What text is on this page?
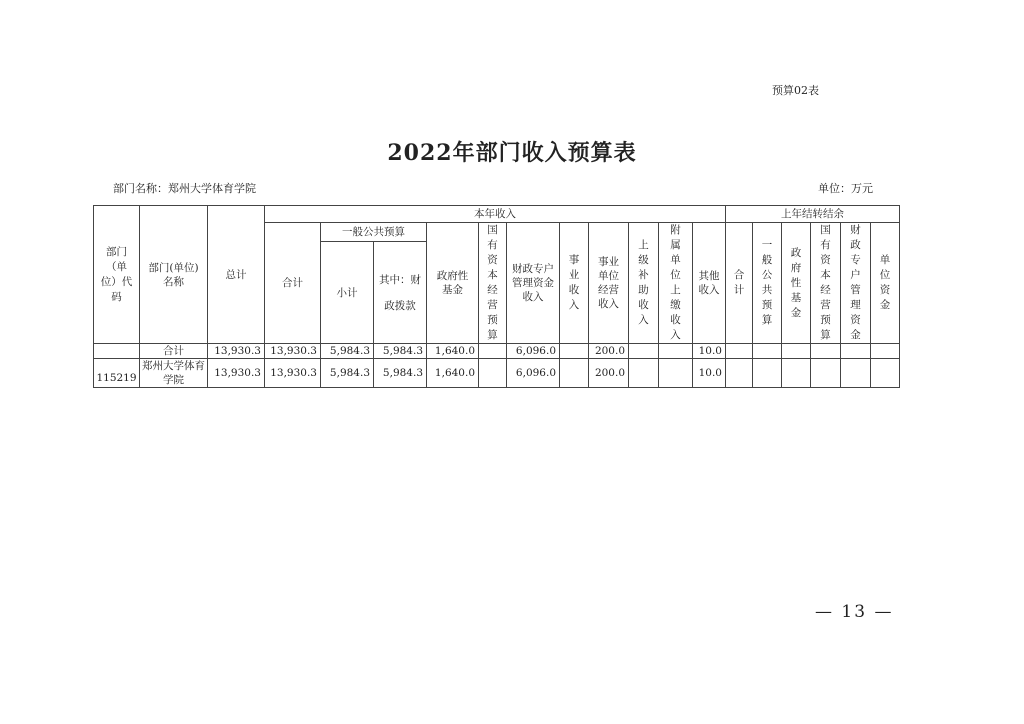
预算02表
2022年部门收入预算表
部门名称：郑州大学体育学院	单位：万元
部门（单位）代码	部门(单位)名称	总计	本年收入											上年结转结余					
			合计	一般公共预算		政府性基金	国有资本经营预算	财政专户管理资金收入	事业收入	事业单位经营收入	上级补助收入	附属单位上缴收入	其他收入	合计	一般公共预算	政府性基金	国有资本经营预算	财政专户管理资金	单位资金

				小计	其中：财政拨款														

	合计	13,930.3	13,930.3	5,984.3	5,984.3	1,640.0		6,096.0		200.0			10.0						
115219	郑州大学体育学院	13,930.3	13,930.3	5,984.3	5,984.3	1,640.0		6,096.0		200.0			10.0						
— 13 —
